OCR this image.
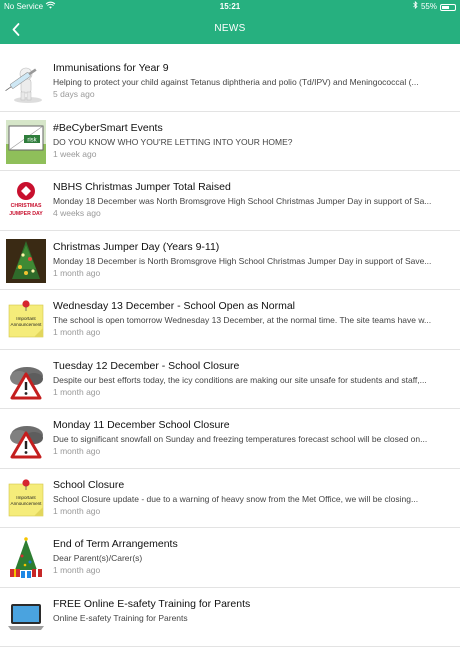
No Service	15:21	55%
NEWS
Immunisations for Year 9
Helping to protect your child against Tetanus diphtheria and polio (Td/IPV) and Meningococcal (...
5 days ago
risk
#BeCyberSmart Events
DO YOU KNOW WHO YOU'RE LETTING INTO YOUR HOME?
1 week ago
CHRISTMAS
JUMPER DAY
NBHS Christmas Jumper Total Raised
Monday 18 December was North Bromsgrove High School Christmas Jumper Day in support of Sa...
4 weeks ago
Christmas Jumper Day (Years 9-11)
Monday 18 December is North Bromsgrove High School Christmas Jumper Day in support of Save...
1 month ago
Important
Announcement
Wednesday 13 December - School Open as Normal
The school is open tomorrow Wednesday 13 December, at the normal time. The site teams have w...
1 month ago
Tuesday 12 December - School Closure
Despite our best efforts today, the icy conditions are making our site unsafe for students and staff,...
1 month ago
Monday 11 December School Closure
Due to significant snowfall on Sunday and freezing temperatures forecast school will be closed on...
1 month ago
Important
Announcement
School Closure
School Closure update - due to a warning of heavy snow from the Met Office, we will be closing...
1 month ago
End of Term Arrangements
Dear Parent(s)/Carer(s)
1 month ago
FREE Online E-safety Training for Parents
Online E-safety Training for Parents
